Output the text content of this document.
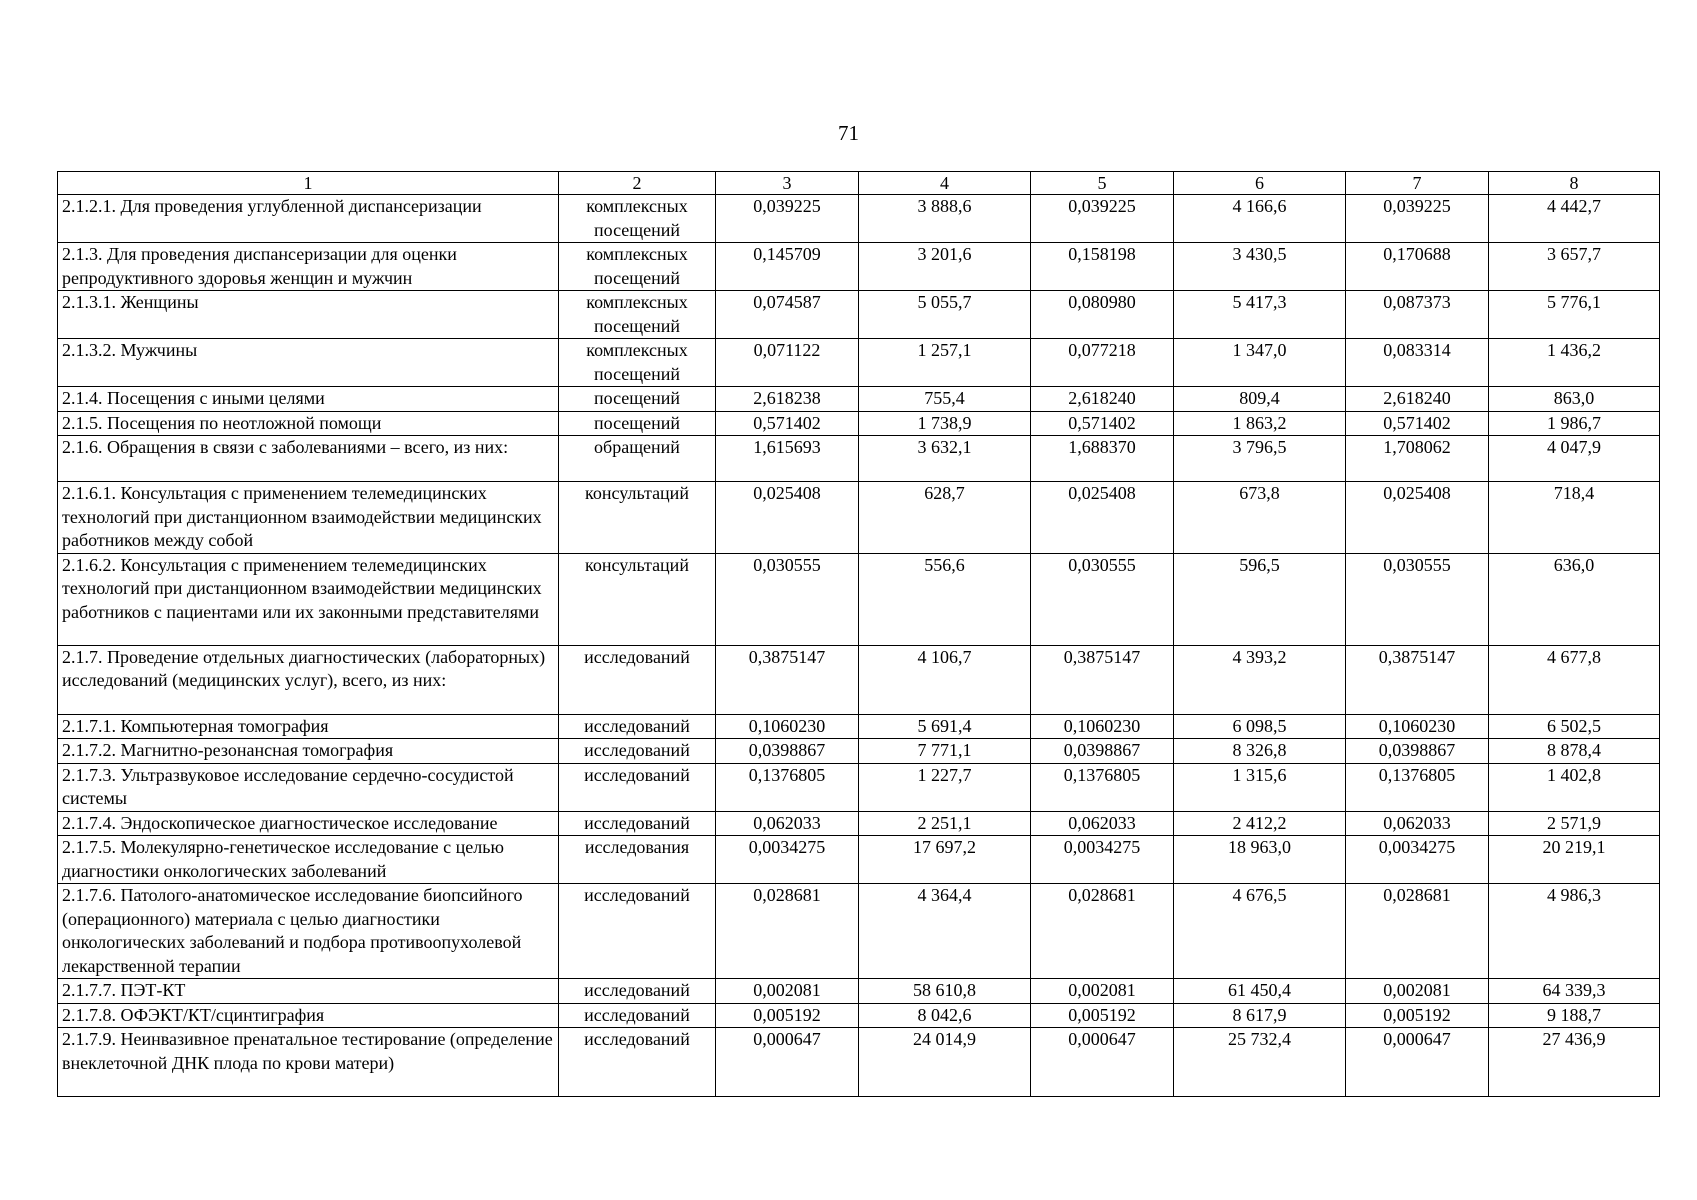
71
1	2	3	4	5	6	7	8
2.1.2.1. Для проведения углубленной диспансеризации	комплексных посещений	0,039225	3 888,6	0,039225	4 166,6	0,039225	4 442,7
2.1.3. Для проведения диспансеризации для оценки репродуктивного здоровья женщин и мужчин	комплексных посещений	0,145709	3 201,6	0,158198	3 430,5	0,170688	3 657,7
2.1.3.1. Женщины	комплексных посещений	0,074587	5 055,7	0,080980	5 417,3	0,087373	5 776,1
2.1.3.2. Мужчины	комплексных посещений	0,071122	1 257,1	0,077218	1 347,0	0,083314	1 436,2
2.1.4. Посещения с иными целями	посещений	2,618238	755,4	2,618240	809,4	2,618240	863,0
2.1.5. Посещения по неотложной помощи	посещений	0,571402	1 738,9	0,571402	1 863,2	0,571402	1 986,7
2.1.6. Обращения в связи с заболеваниями – всего, из них:	обращений	1,615693	3 632,1	1,688370	3 796,5	1,708062	4 047,9
2.1.6.1. Консультация с применением телемедицинских технологий при дистанционном взаимодействии медицинских работников между собой	консультаций	0,025408	628,7	0,025408	673,8	0,025408	718,4
2.1.6.2. Консультация с применением телемедицинских технологий при дистанционном взаимодействии медицинских работников с пациентами или их законными представителями	консультаций	0,030555	556,6	0,030555	596,5	0,030555	636,0
2.1.7. Проведение отдельных диагностических (лабораторных) исследований (медицинских услуг), всего, из них:	исследований	0,3875147	4 106,7	0,3875147	4 393,2	0,3875147	4 677,8
2.1.7.1. Компьютерная томография	исследований	0,1060230	5 691,4	0,1060230	6 098,5	0,1060230	6 502,5
2.1.7.2. Магнитно-резонансная томография	исследований	0,0398867	7 771,1	0,0398867	8 326,8	0,0398867	8 878,4
2.1.7.3. Ультразвуковое исследование сердечно-сосудистой системы	исследований	0,1376805	1 227,7	0,1376805	1 315,6	0,1376805	1 402,8
2.1.7.4. Эндоскопическое диагностическое исследование	исследований	0,062033	2 251,1	0,062033	2 412,2	0,062033	2 571,9
2.1.7.5. Молекулярно-генетическое исследование с целью диагностики онкологических заболеваний	исследования	0,0034275	17 697,2	0,0034275	18 963,0	0,0034275	20 219,1
2.1.7.6. Патолого-анатомическое исследование биопсийного (операционного) материала с целью диагностики онкологических заболеваний и подбора противоопухолевой лекарственной терапии	исследований	0,028681	4 364,4	0,028681	4 676,5	0,028681	4 986,3
2.1.7.7. ПЭТ-КТ	исследований	0,002081	58 610,8	0,002081	61 450,4	0,002081	64 339,3
2.1.7.8. ОФЭКТ/КТ/сцинтиграфия	исследований	0,005192	8 042,6	0,005192	8 617,9	0,005192	9 188,7
2.1.7.9. Неинвазивное пренатальное тестирование (определение внеклеточной ДНК плода по крови матери)	исследований	0,000647	24 014,9	0,000647	25 732,4	0,000647	27 436,9
